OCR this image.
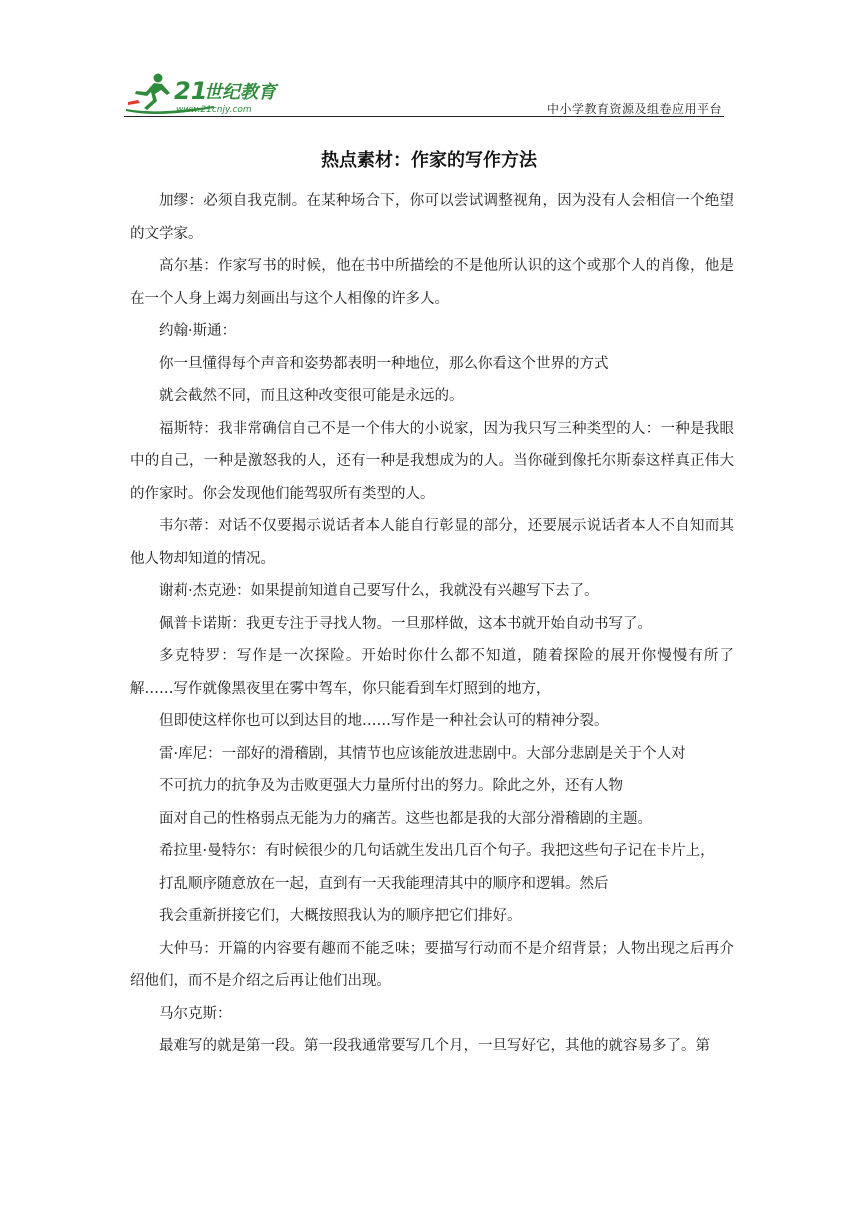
21
世纪教育
www.21cnjy.com	中小学教育资源及组卷应用平台
热点素材：作家的写作方法

加缪：必须自我克制。在某种场合下，你可以尝试调整视角，因为没有人会相信一个绝望的文学家。

高尔基：作家写书的时候，他在书中所描绘的不是他所认识的这个或那个人的肖像，他是在一个人身上竭力刻画出与这个人相像的许多人。

约翰·斯通：

你一旦懂得每个声音和姿势都表明一种地位，那么你看这个世界的方式

就会截然不同，而且这种改变很可能是永远的。

福斯特：我非常确信自己不是一个伟大的小说家，因为我只写三种类型的人：一种是我眼中的自己，一种是激怒我的人，还有一种是我想成为的人。当你碰到像托尔斯泰这样真正伟大的作家时。你会发现他们能驾驭所有类型的人。

韦尔蒂：对话不仅要揭示说话者本人能自行彰显的部分，还要展示说话者本人不自知而其他人物却知道的情况。

谢莉·杰克逊：如果提前知道自己要写什么，我就没有兴趣写下去了。

佩普卡诺斯：我更专注于寻找人物。一旦那样做，这本书就开始自动书写了。

多克特罗：写作是一次探险。开始时你什么都不知道，随着探险的展开你慢慢有所了解……写作就像黑夜里在雾中驾车，你只能看到车灯照到的地方，

但即使这样你也可以到达目的地……写作是一种社会认可的精神分裂。

雷·库尼：一部好的滑稽剧，其情节也应该能放进悲剧中。大部分悲剧是关于个人对

不可抗力的抗争及为击败更强大力量所付出的努力。除此之外，还有人物

面对自己的性格弱点无能为力的痛苦。这些也都是我的大部分滑稽剧的主题。

希拉里·曼特尔：有时候很少的几句话就生发出几百个句子。我把这些句子记在卡片上，

打乱顺序随意放在一起，直到有一天我能理清其中的顺序和逻辑。然后

我会重新拼接它们，大概按照我认为的顺序把它们排好。

大仲马：开篇的内容要有趣而不能乏味；要描写行动而不是介绍背景；人物出现之后再介绍他们，而不是介绍之后再让他们出现。

马尔克斯：

最难写的就是第一段。第一段我通常要写几个月，一旦写好它，其他的就容易多了。第
